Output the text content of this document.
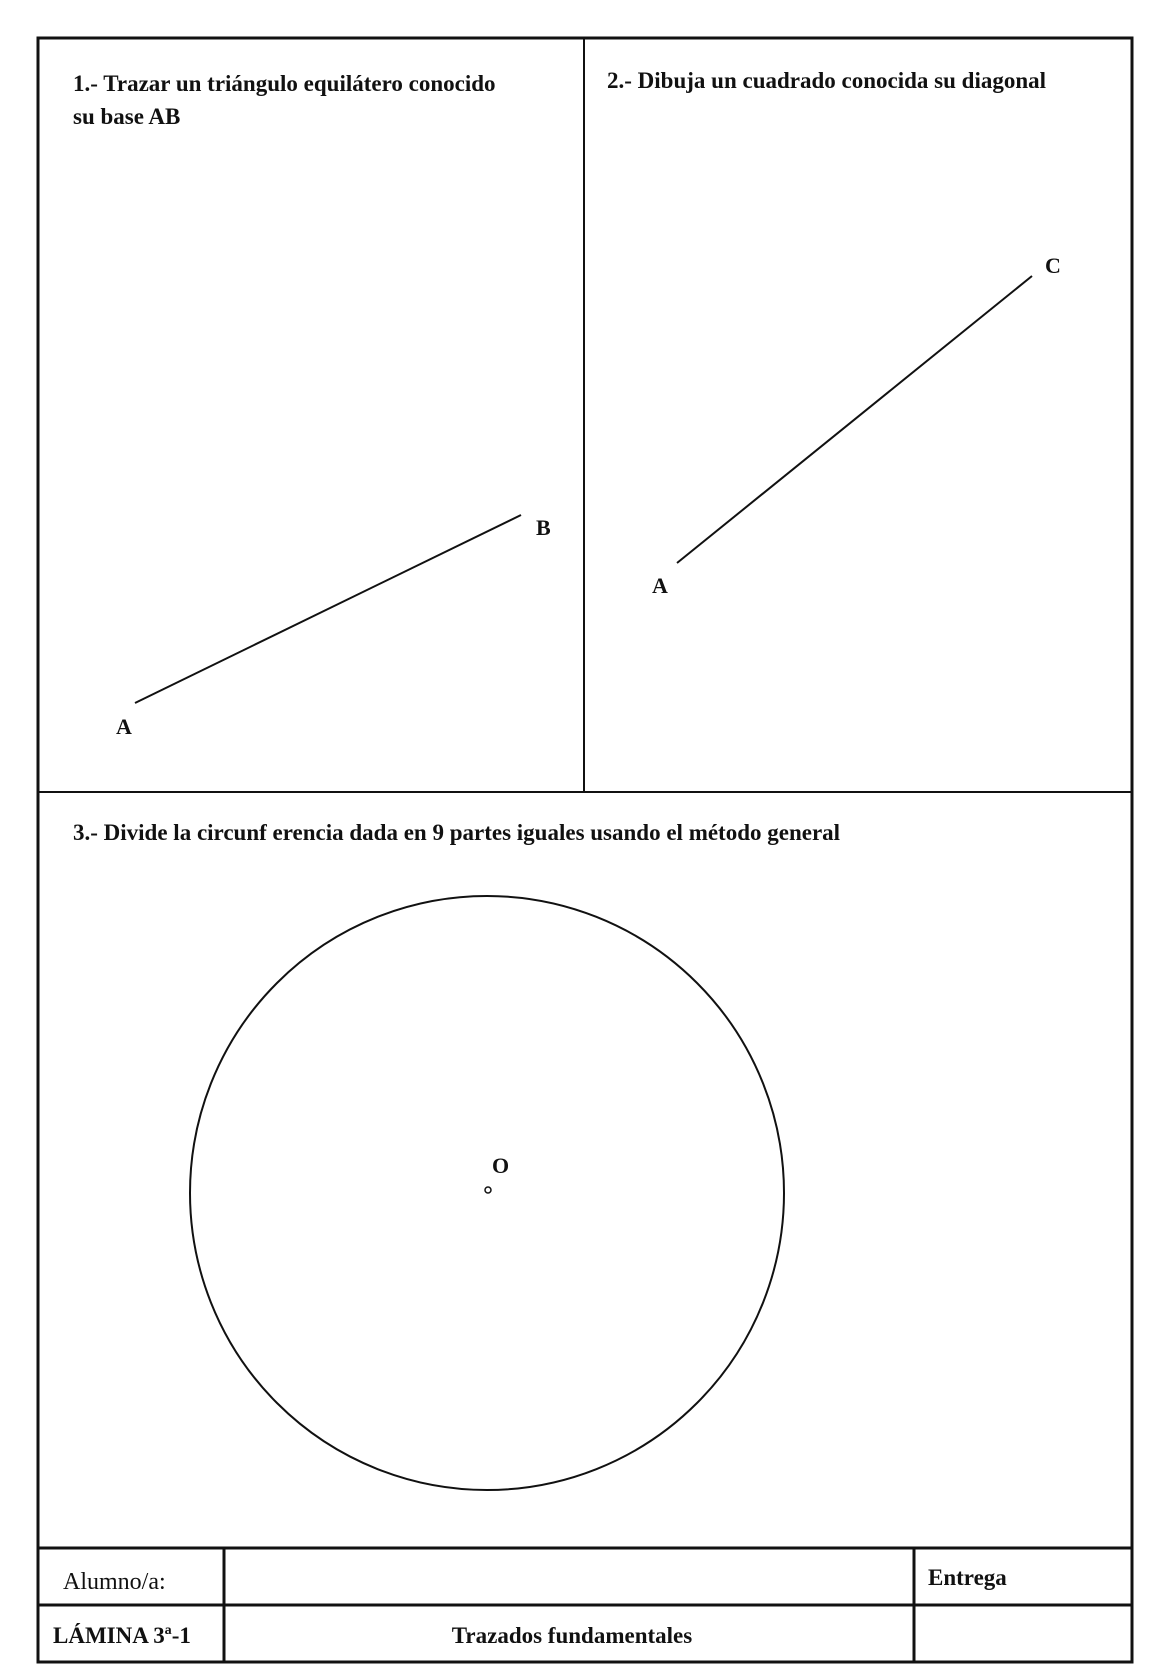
1.- Trazar un triángulo equilátero conocido
su base AB
A
B
2.- Dibuja un cuadrado conocida su diagonal
A
C
3.- Divide la circunf erencia dada en 9 partes iguales usando el método general
O
Alumno/a:	Entrega
LÁMINA 3ª-1	Trazados fundamentales
